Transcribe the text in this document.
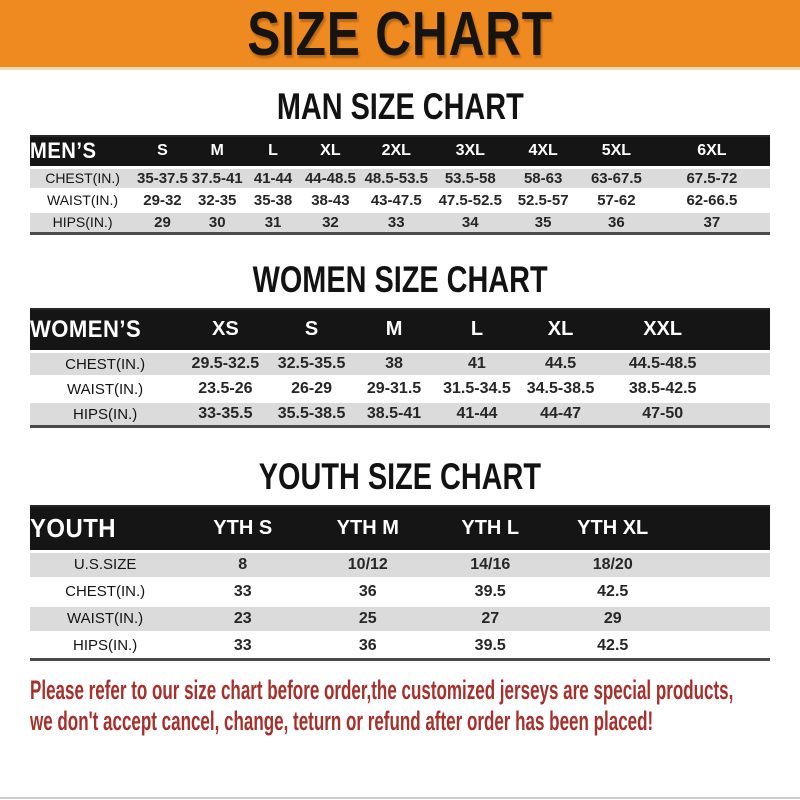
SIZE CHART
MAN SIZE CHART
MEN’S	S	M	L	XL	2XL	3XL	4XL	5XL	6XL
CHEST(IN.)	35-37.5	37.5-41	41-44	44-48.5	48.5-53.5	53.5-58	58-63	63-67.5	67.5-72
WAIST(IN.)	29-32	32-35	35-38	38-43	43-47.5	47.5-52.5	52.5-57	57-62	62-66.5
HIPS(IN.)	29	30	31	32	33	34	35	36	37
WOMEN SIZE CHART
WOMEN’S	XS	S	M	L	XL	XXL	
CHEST(IN.)	29.5-32.5	32.5-35.5	38	41	44.5	44.5-48.5	
WAIST(IN.)	23.5-26	26-29	29-31.5	31.5-34.5	34.5-38.5	38.5-42.5	
HIPS(IN.)	33-35.5	35.5-38.5	38.5-41	41-44	44-47	47-50	
YOUTH SIZE CHART
YOUTH	YTH S	YTH M	YTH L	YTH XL	
U.S.SIZE	8	10/12	14/16	18/20	
CHEST(IN.)	33	36	39.5	42.5	
WAIST(IN.)	23	25	27	29	
HIPS(IN.)	33	36	39.5	42.5	
Please refer to our size chart before order,the customized jerseys are special products,
we don't accept cancel, change, teturn or refund after order has been placed!
